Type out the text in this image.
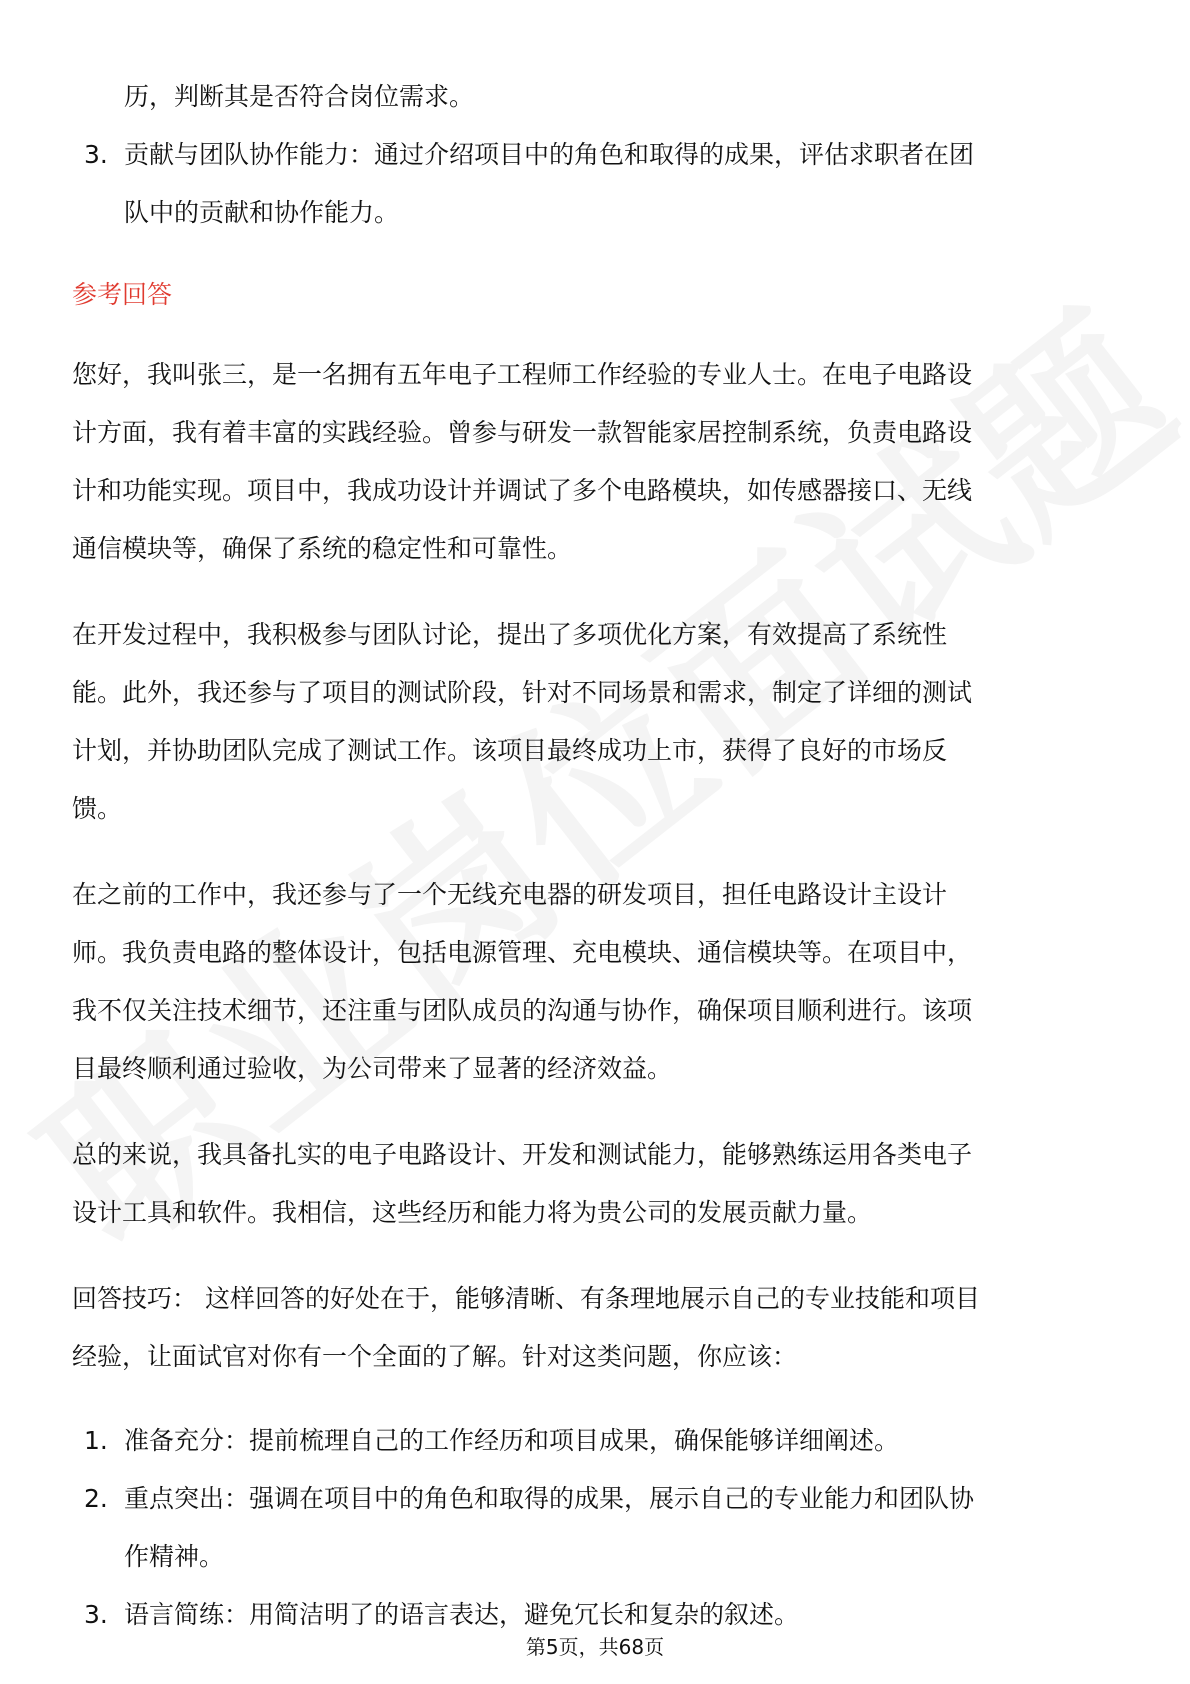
历，判断其是否符合岗位需求。

3. 贡献与团队协作能力：通过介绍项目中的角色和取得的成果，评估求职者在团
队中的贡献和协作能力。

参考回答

您好，我叫张三，是一名拥有五年电子工程师工作经验的专业人士。在电子电路设

计方面，我有着丰富的实践经验。曾参与研发一款智能家居控制系统，负责电路设

计和功能实现。项目中，我成功设计并调试了多个电路模块，如传感器接口、无线

通信模块等，确保了系统的稳定性和可靠性。

在开发过程中，我积极参与团队讨论，提出了多项优化方案，有效提高了系统性

能。此外，我还参与了项目的测试阶段，针对不同场景和需求，制定了详细的测试

计划，并协助团队完成了测试工作。该项目最终成功上市，获得了良好的市场反

馈。

在之前的工作中，我还参与了一个无线充电器的研发项目，担任电路设计主设计

师。我负责电路的整体设计，包括电源管理、充电模块、通信模块等。在项目中，

我不仅关注技术细节，还注重与团队成员的沟通与协作，确保项目顺利进行。该项

目最终顺利通过验收，为公司带来了显著的经济效益。

总的来说，我具备扎实的电子电路设计、开发和测试能力，能够熟练运用各类电子

设计工具和软件。我相信，这些经历和能力将为贵公司的发展贡献力量。

回答技巧： 这样回答的好处在于，能够清晰、有条理地展示自己的专业技能和项目

经验，让面试官对你有一个全面的了解。针对这类问题，你应该：

1. 准备充分：提前梳理自己的工作经历和项目成果，确保能够详细阐述。
2. 重点突出：强调在项目中的角色和取得的成果，展示自己的专业能力和团队协
作精神。
3. 语言简练：用简洁明了的语言表达，避免冗长和复杂的叙述。
第5页，共68页
